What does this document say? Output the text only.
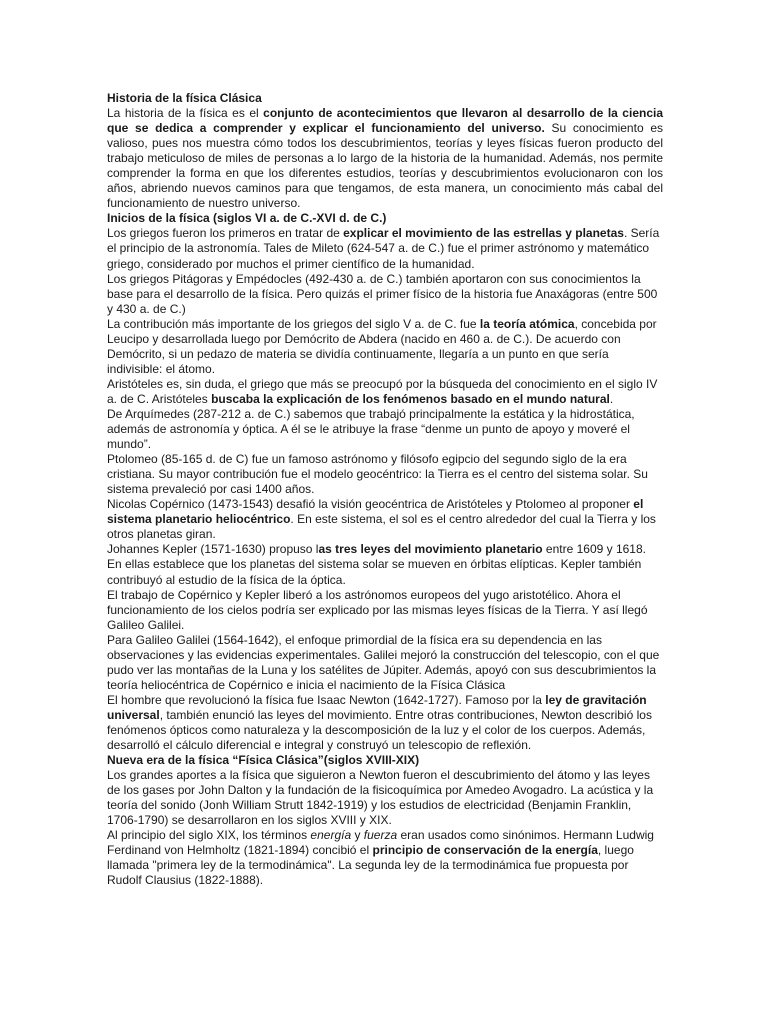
Historia de la física Clásica

La historia de la física es el conjunto de acontecimientos que llevaron al desarrollo de la ciencia que se dedica a comprender y explicar el funcionamiento del universo. Su conocimiento es valioso, pues nos muestra cómo todos los descubrimientos, teorías y leyes físicas fueron producto del trabajo meticuloso de miles de personas a lo largo de la historia de la humanidad. Además, nos permite comprender la forma en que los diferentes estudios, teorías y descubrimientos evolucionaron con los años, abriendo nuevos caminos para que tengamos, de esta manera, un conocimiento más cabal del funcionamiento de nuestro universo.

Inicios de la física (siglos VI a. de C.-XVI d. de C.)

Los griegos fueron los primeros en tratar de explicar el movimiento de las estrellas y planetas. Sería el principio de la astronomía. Tales de Mileto (624-547 a. de C.) fue el primer astrónomo y matemático griego, considerado por muchos el primer científico de la humanidad.

Los griegos Pitágoras y Empédocles (492-430 a. de C.) también aportaron con sus conocimientos la base para el desarrollo de la física. Pero quizás el primer físico de la historia fue Anaxágoras (entre 500 y 430 a. de C.)

La contribución más importante de los griegos del siglo V a. de C. fue la teoría atómica, concebida por Leucipo y desarrollada luego por Demócrito de Abdera (nacido en 460 a. de C.). De acuerdo con Demócrito, si un pedazo de materia se dividía continuamente, llegaría a un punto en que sería indivisible: el átomo.

Aristóteles es, sin duda, el griego que más se preocupó por la búsqueda del conocimiento en el siglo IV a. de C. Aristóteles buscaba la explicación de los fenómenos basado en el mundo natural.

De Arquímedes (287-212 a. de C.) sabemos que trabajó principalmente la estática y la hidrostática, además de astronomía y óptica. A él se le atribuye la frase “denme un punto de apoyo y moveré el mundo”.

Ptolomeo (85-165 d. de C) fue un famoso astrónomo y filósofo egipcio del segundo siglo de la era cristiana. Su mayor contribución fue el modelo geocéntrico: la Tierra es el centro del sistema solar. Su sistema prevaleció por casi 1400 años.

Nicolas Copérnico (1473-1543) desafió la visión geocéntrica de Aristóteles y Ptolomeo al proponer el sistema planetario heliocéntrico. En este sistema, el sol es el centro alrededor del cual la Tierra y los otros planetas giran.

Johannes Kepler (1571-1630) propuso las tres leyes del movimiento planetario entre 1609 y 1618. En ellas establece que los planetas del sistema solar se mueven en órbitas elípticas. Kepler también contribuyó al estudio de la física de la óptica.

El trabajo de Copérnico y Kepler liberó a los astrónomos europeos del yugo aristotélico. Ahora el funcionamiento de los cielos podría ser explicado por las mismas leyes físicas de la Tierra. Y así llegó Galileo Galilei.

Para Galileo Galilei (1564-1642), el enfoque primordial de la física era su dependencia en las observaciones y las evidencias experimentales. Galilei mejoró la construcción del telescopio, con el que pudo ver las montañas de la Luna y los satélites de Júpiter. Además, apoyó con sus descubrimientos la teoría heliocéntrica de Copérnico e inicia el nacimiento de la Física Clásica

El hombre que revolucionó la física fue Isaac Newton (1642-1727). Famoso por la ley de gravitación universal, también enunció las leyes del movimiento. Entre otras contribuciones, Newton describió los fenómenos ópticos como naturaleza y la descomposición de la luz y el color de los cuerpos. Además, desarrolló el cálculo diferencial e integral y construyó un telescopio de reflexión.

Nueva era de la física “Física Clásica”(siglos XVIII-XIX)

Los grandes aportes a la física que siguieron a Newton fueron el descubrimiento del átomo y las leyes de los gases por John Dalton y la fundación de la fisicoquímica por Amedeo Avogadro. La acústica y la teoría del sonido (Jonh William Strutt 1842-1919) y los estudios de electricidad (Benjamin Franklin, 1706-1790) se desarrollaron en los siglos XVIII y XIX.

Al principio del siglo XIX, los términos energía y fuerza eran usados como sinónimos. Hermann Ludwig Ferdinand von Helmholtz (1821-1894) concibió el principio de conservación de la energía, luego llamada "primera ley de la termodinámica". La segunda ley de la termodinámica fue propuesta por Rudolf Clausius (1822-1888).
